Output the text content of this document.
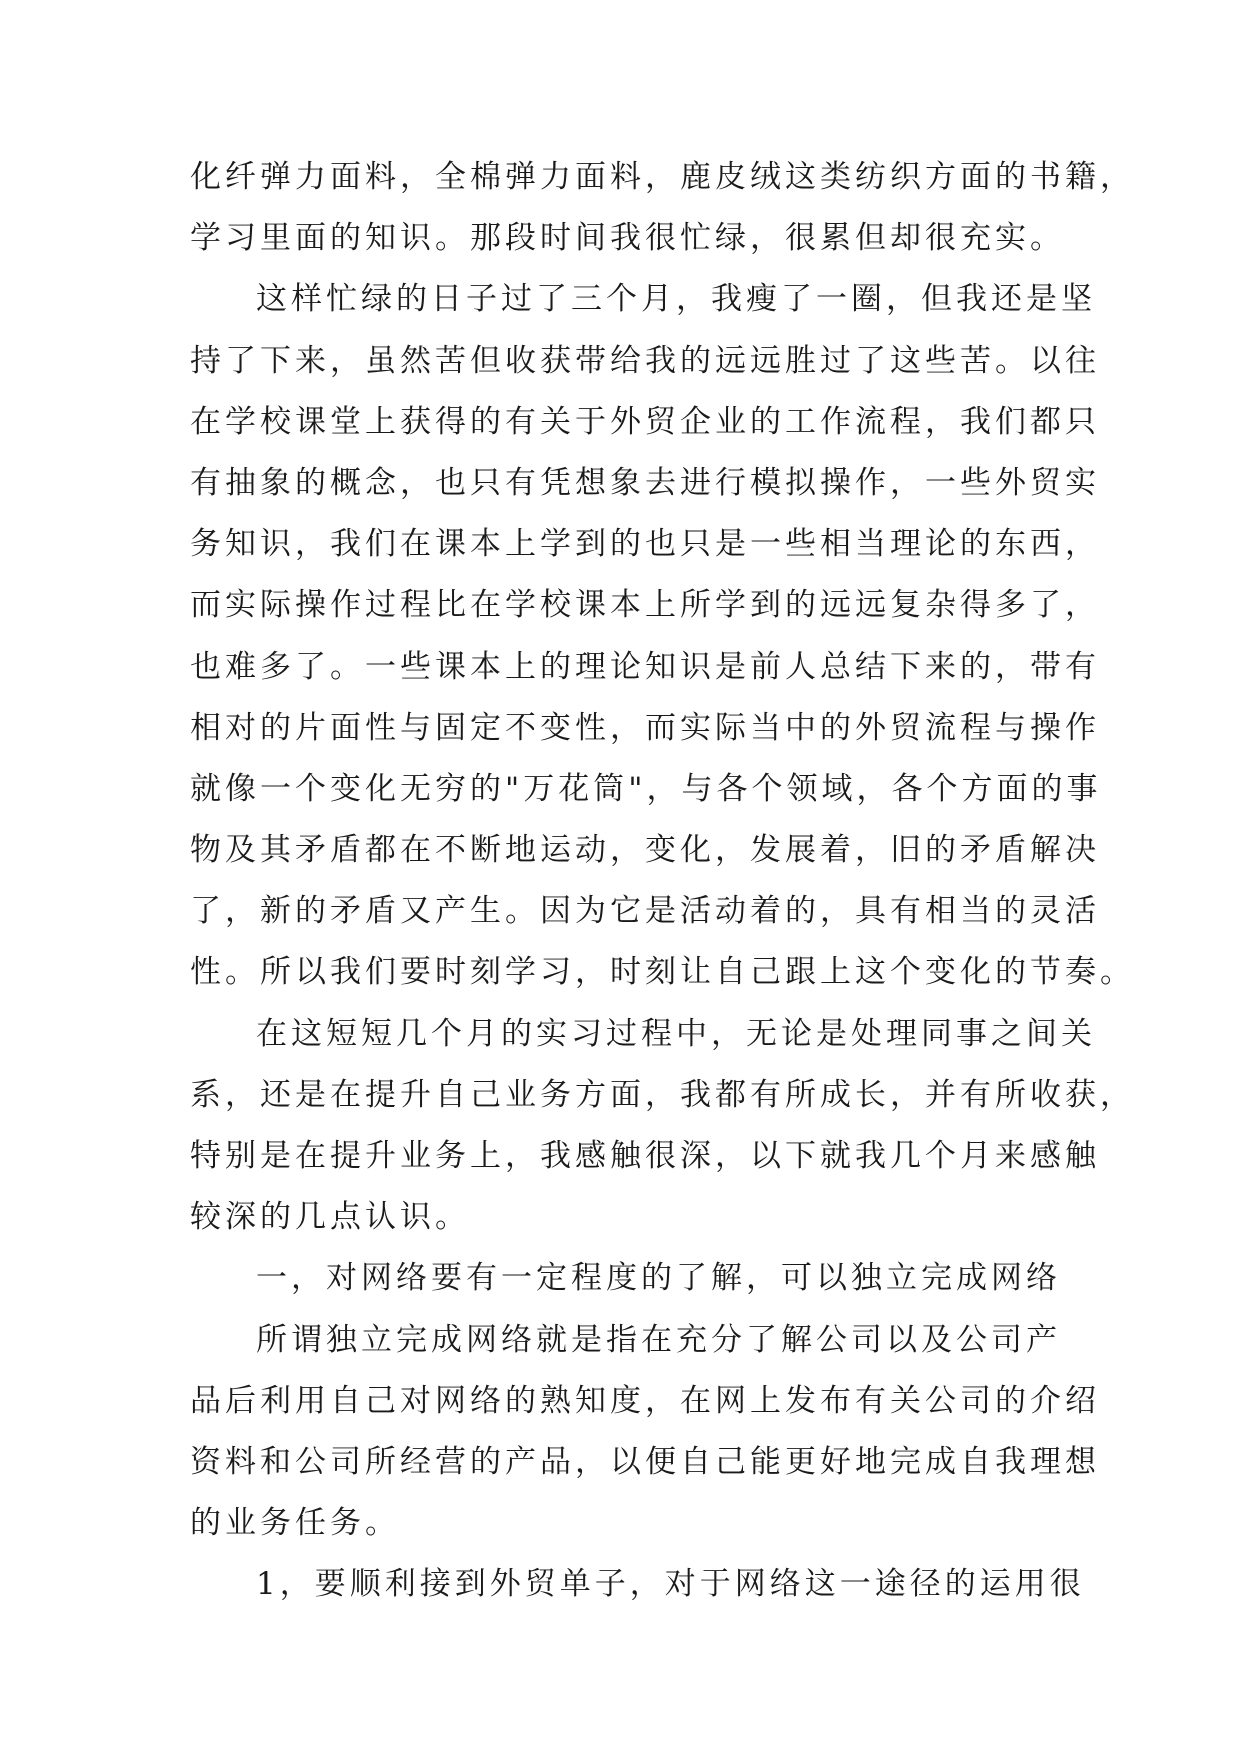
化纤弹力面料，全棉弹力面料，鹿皮绒这类纺织方面的书籍，
学习里面的知识。那段时间我很忙绿，很累但却很充实。
这样忙绿的日子过了三个月，我瘦了一圈，但我还是坚
持了下来，虽然苦但收获带给我的远远胜过了这些苦。以往
在学校课堂上获得的有关于外贸企业的工作流程，我们都只
有抽象的概念，也只有凭想象去进行模拟操作，一些外贸实
务知识，我们在课本上学到的也只是一些相当理论的东西，
而实际操作过程比在学校课本上所学到的远远复杂得多了，
也难多了。一些课本上的理论知识是前人总结下来的，带有
相对的片面性与固定不变性，而实际当中的外贸流程与操作
就像一个变化无穷的"万花筒"，与各个领域，各个方面的事
物及其矛盾都在不断地运动，变化，发展着，旧的矛盾解决
了，新的矛盾又产生。因为它是活动着的，具有相当的灵活
性。所以我们要时刻学习，时刻让自己跟上这个变化的节奏。
在这短短几个月的实习过程中，无论是处理同事之间关
系，还是在提升自己业务方面，我都有所成长，并有所收获，
特别是在提升业务上，我感触很深，以下就我几个月来感触
较深的几点认识。
一，对网络要有一定程度的了解，可以独立完成网络
所谓独立完成网络就是指在充分了解公司以及公司产
品后利用自己对网络的熟知度，在网上发布有关公司的介绍
资料和公司所经营的产品，以便自己能更好地完成自我理想
的业务任务。
1，要顺利接到外贸单子，对于网络这一途径的运用很
